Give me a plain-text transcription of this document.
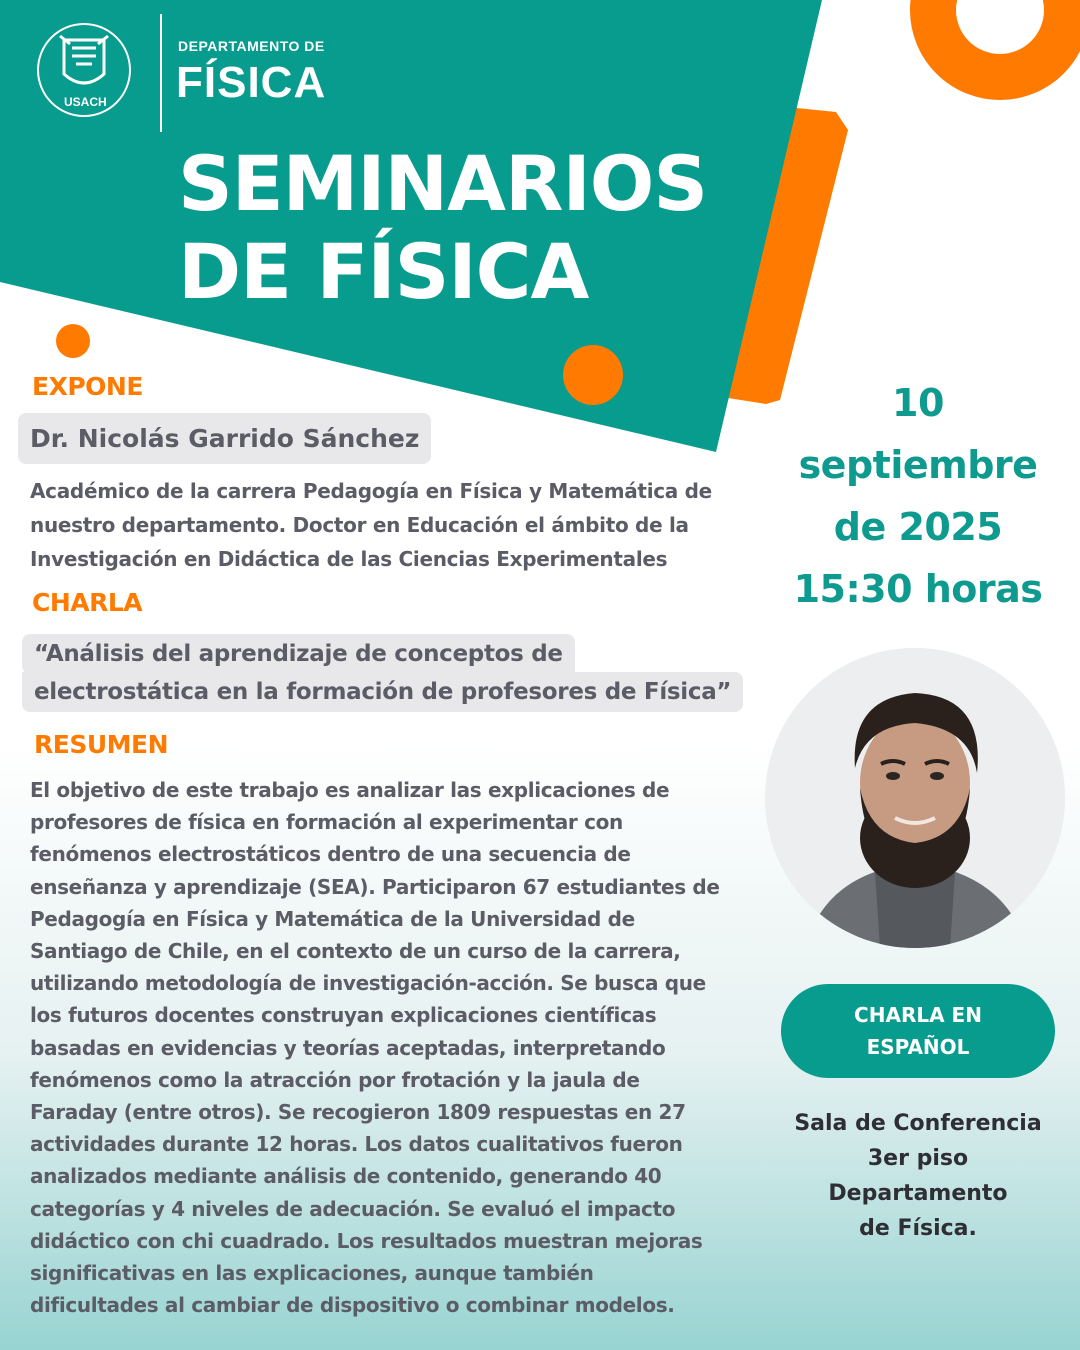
USACH
DEPARTAMENTO DE
FÍSICA
SEMINARIOS
DE FÍSICA
EXPONE
Dr. Nicolás Garrido Sánchez
Académico de la carrera Pedagogía en Física y Matemática de
nuestro departamento. Doctor en Educación el ámbito de la
Investigación en Didáctica de las Ciencias Experimentales
CHARLA
“Análisis del aprendizaje de conceptos de
electrostática en la formación de profesores de Física”
RESUMEN
El objetivo de este trabajo es analizar las explicaciones de
profesores de física en formación al experimentar con
fenómenos electrostáticos dentro de una secuencia de
enseñanza y aprendizaje (SEA). Participaron 67 estudiantes de
Pedagogía en Física y Matemática de la Universidad de
Santiago de Chile, en el contexto de un curso de la carrera,
utilizando metodología de investigación-acción. Se busca que
los futuros docentes construyan explicaciones científicas
basadas en evidencias y teorías aceptadas, interpretando
fenómenos como la atracción por frotación y la jaula de
Faraday (entre otros). Se recogieron 1809 respuestas en 27
actividades durante 12 horas. Los datos cualitativos fueron
analizados mediante análisis de contenido, generando 40
categorías y 4 niveles de adecuación. Se evaluó el impacto
didáctico con chi cuadrado. Los resultados muestran mejoras
significativas en las explicaciones, aunque también
dificultades al cambiar de dispositivo o combinar modelos.
10
septiembre
de 2025
15:30 horas
CHARLA EN
ESPAÑOL
Sala de Conferencia
3er piso
Departamento
de Física.
